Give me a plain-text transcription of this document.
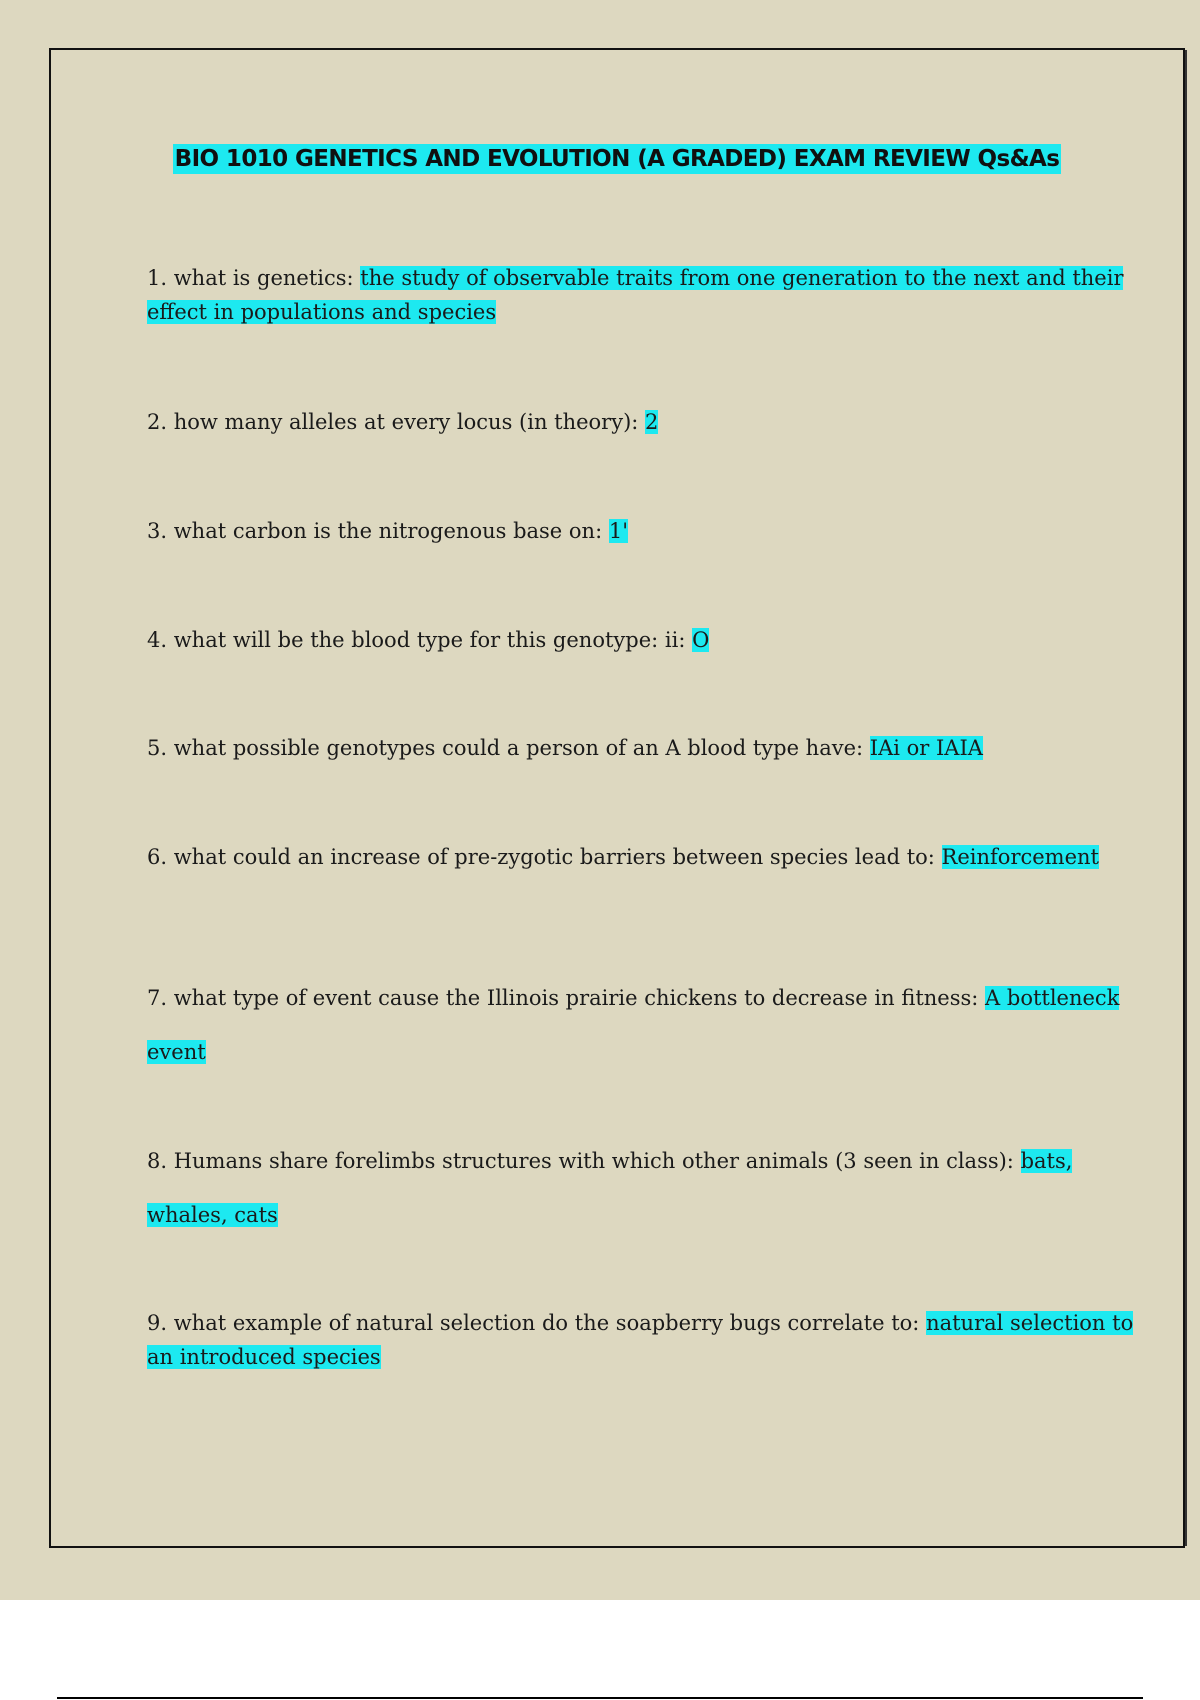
BIO 1010 GENETICS AND EVOLUTION (A GRADED) EXAM REVIEW Qs&As

1. what is genetics: the study of observable traits from one generation to the next and their effect in populations and species

2. how many alleles at every locus (in theory): 2

3. what carbon is the nitrogenous base on: 1'

4. what will be the blood type for this genotype: ii: O

5. what possible genotypes could a person of an A blood type have: IAi or IAIA

6. what could an increase of pre-zygotic barriers between species lead to: Reinforcement

7. what type of event cause the Illinois prairie chickens to decrease in fitness: A bottleneck event

8. Humans share forelimbs structures with which other animals (3 seen in class): bats, whales, cats

9. what example of natural selection do the soapberry bugs correlate to: natural selection to an introduced species
